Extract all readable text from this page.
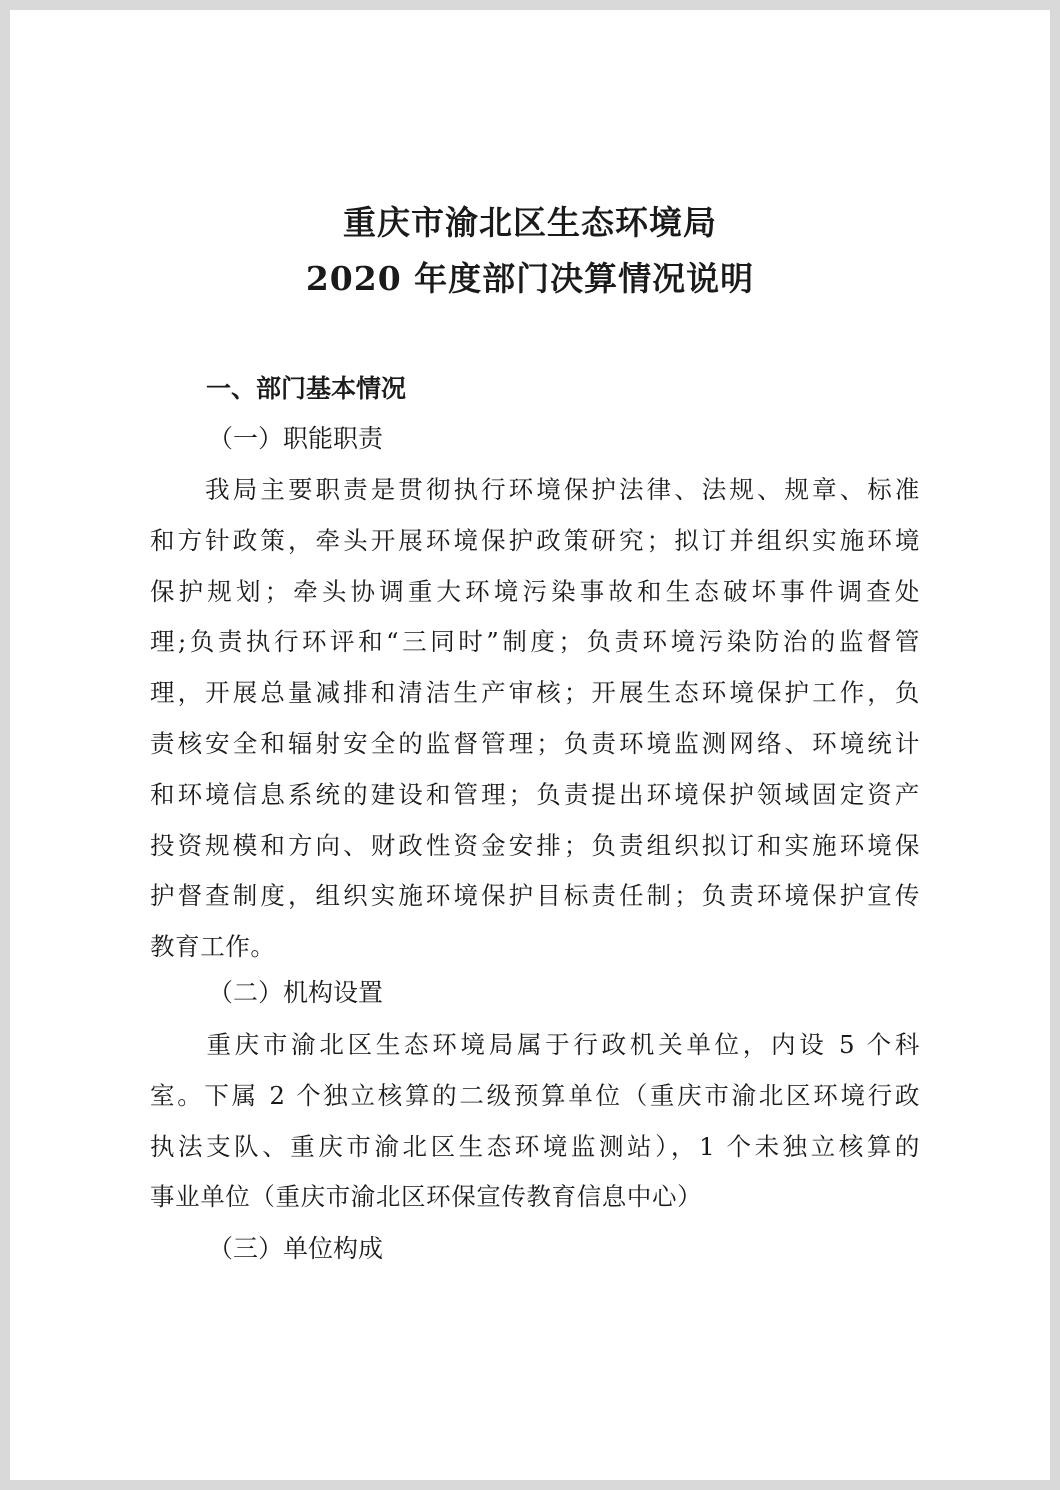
重庆市渝北区生态环境局
2020 年度部门决算情况说明
一、部门基本情况
（一）职能职责
　　我局主要职责是贯彻执行环境保护法律、法规、规章、标准
和方针政策，牵头开展环境保护政策研究；拟订并组织实施环境
保护规划；牵头协调重大环境污染事故和生态破坏事件调查处
理;负责执行环评和“三同时”制度；负责环境污染防治的监督管
理，开展总量减排和清洁生产审核；开展生态环境保护工作，负
责核安全和辐射安全的监督管理；负责环境监测网络、环境统计
和环境信息系统的建设和管理；负责提出环境保护领域固定资产
投资规模和方向、财政性资金安排；负责组织拟订和实施环境保
护督查制度，组织实施环境保护目标责任制；负责环境保护宣传
教育工作。
（二）机构设置
　　重庆市渝北区生态环境局属于行政机关单位，内设 5 个科
室。下属 2 个独立核算的二级预算单位（重庆市渝北区环境行政
执法支队、重庆市渝北区生态环境监测站），1 个未独立核算的
事业单位（重庆市渝北区环保宣传教育信息中心）
（三）单位构成
